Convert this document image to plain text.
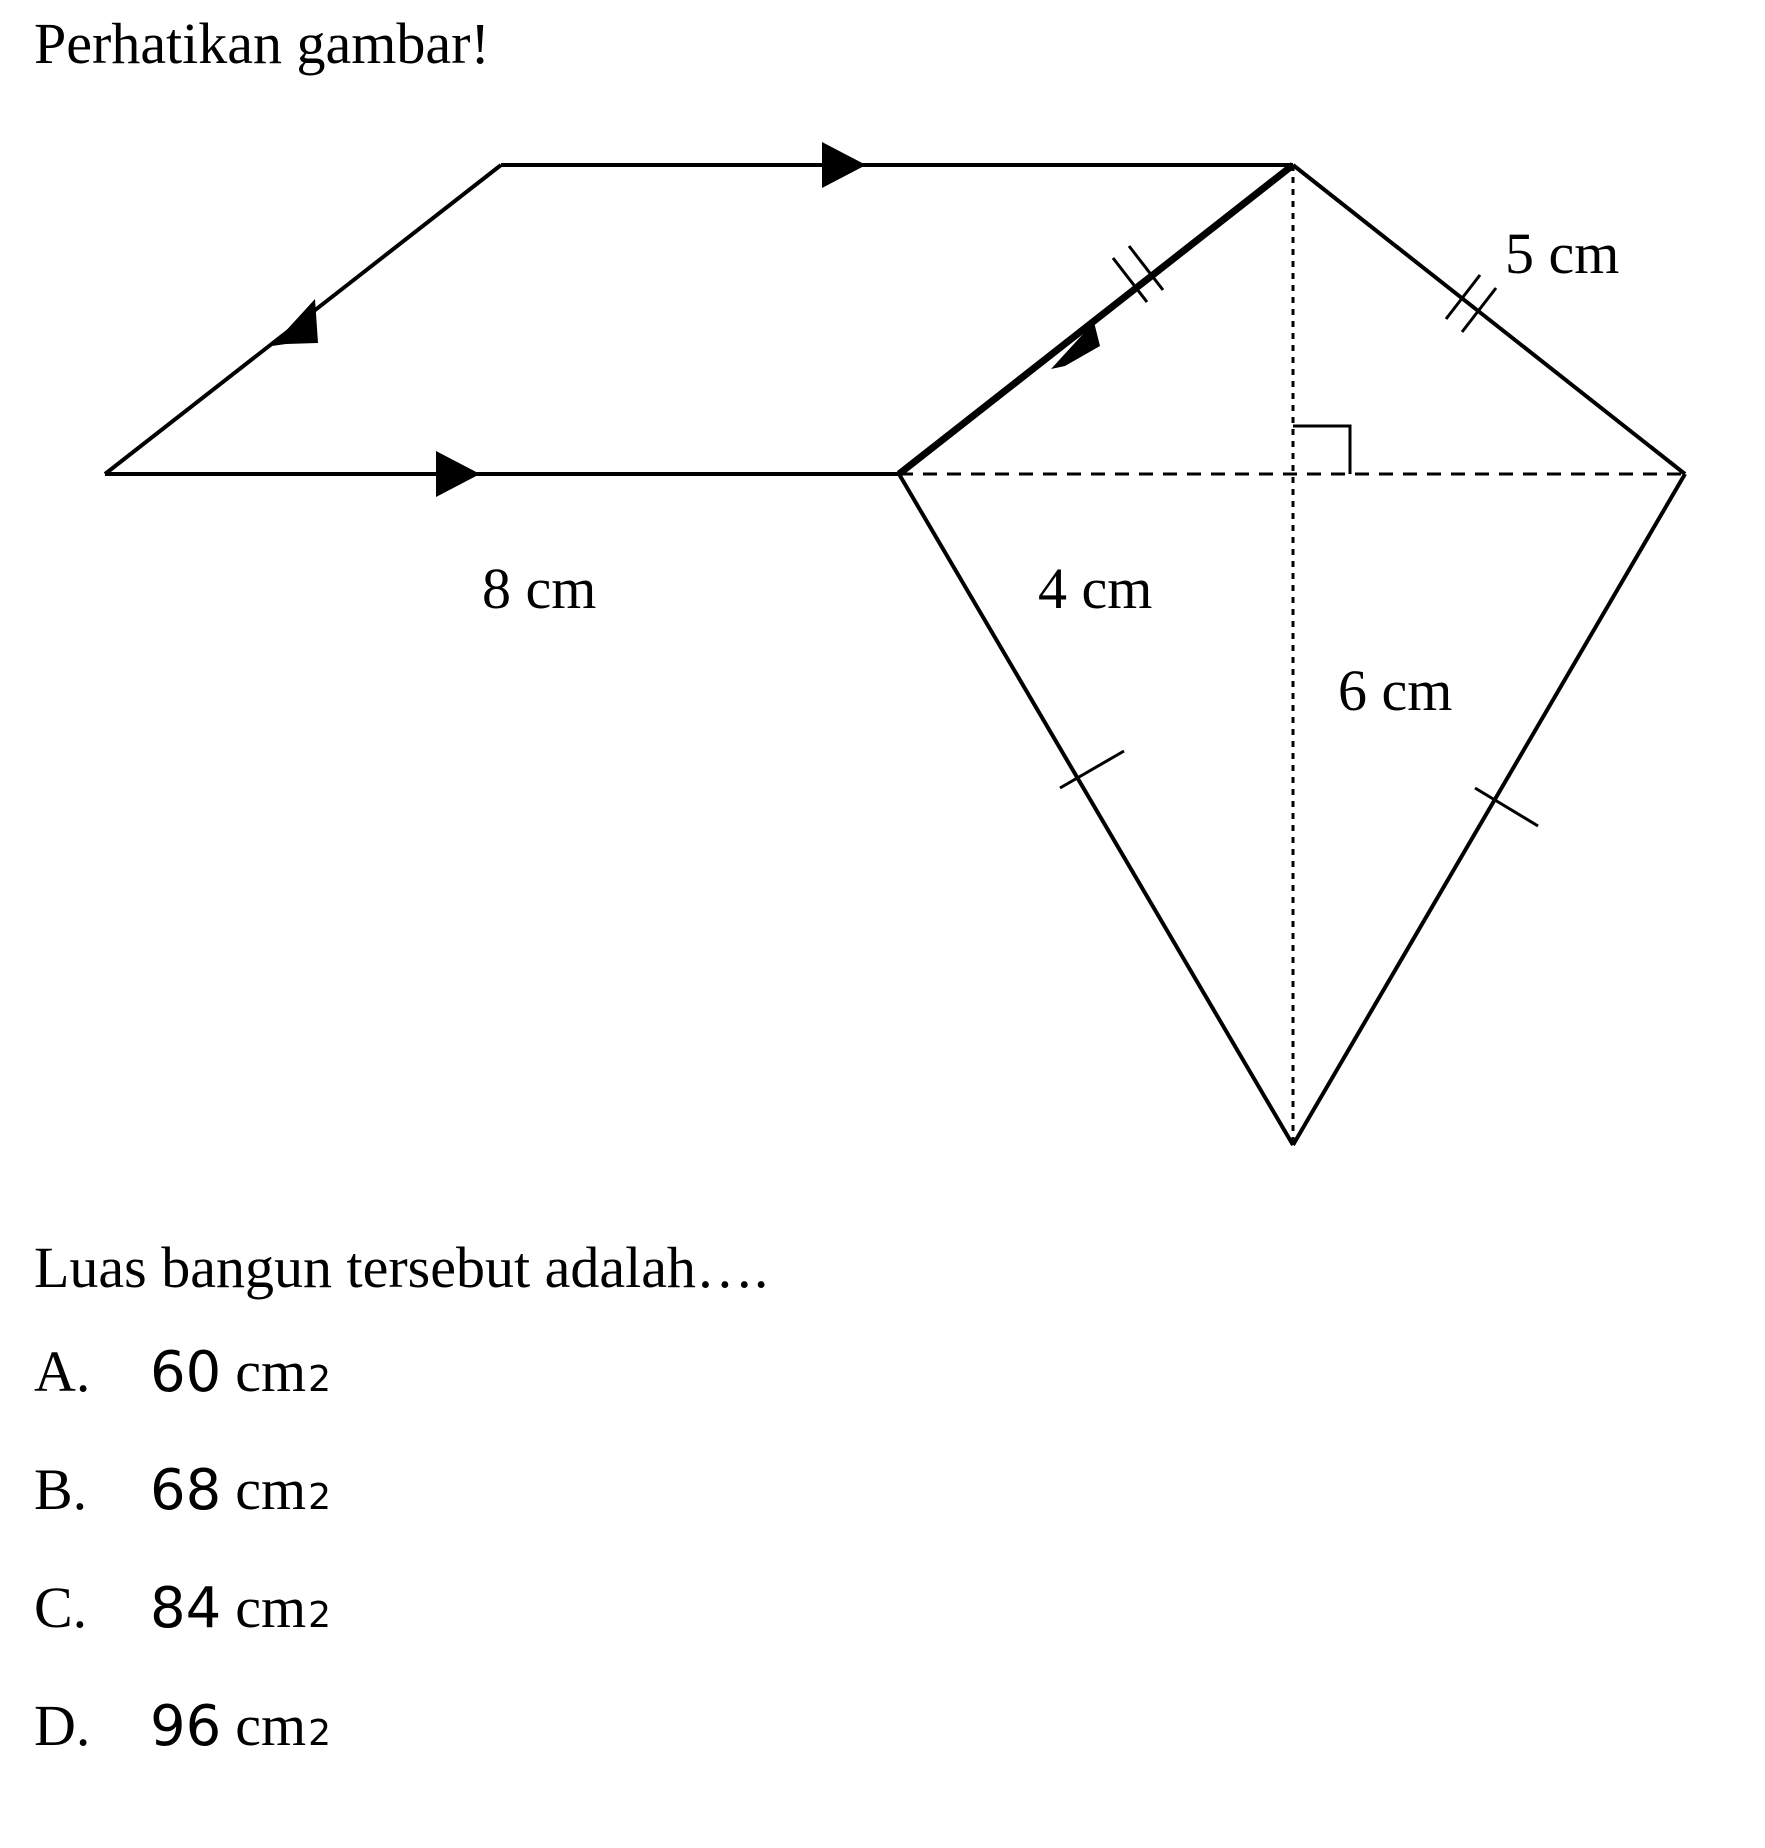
Perhatikan gambar!
8 cm
5 cm
4 cm
6 cm
Luas bangun tersebut adalah….
A.	60 cm 2
B.	68 cm 2
C.	84 cm 2
D.	96 cm 2
